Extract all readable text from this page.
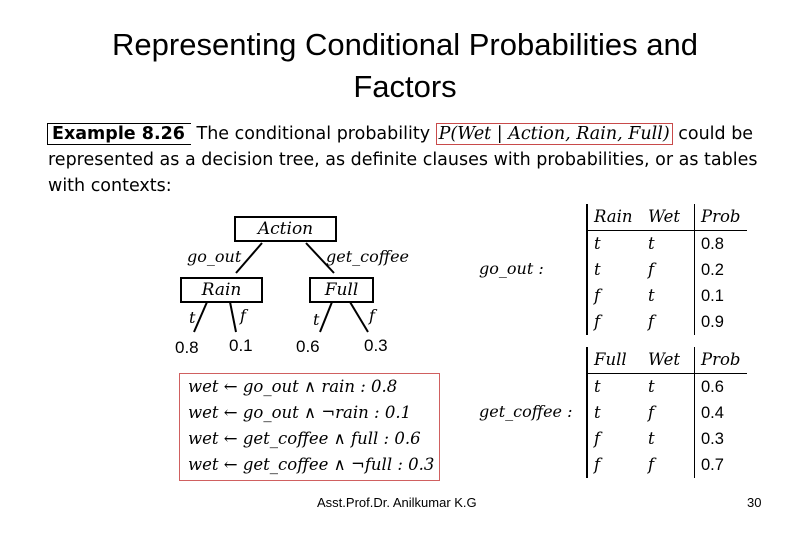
Representing Conditional Probabilities and
Factors
Example 8.26 The conditional probability P(Wet | Action, Rain, Full) could be represented as a decision tree, as definite clauses with probabilities, or as tables with contexts:
Action
Rain	Full
go_out	get_coffee
t	f	t	f
0.8 0.1	0.6	0.3
wet ← go_out ∧ rain : 0.8
wet ← go_out ∧ ¬rain : 0.1
wet ← get_coffee ∧ full : 0.6
wet ← get_coffee ∧ ¬full : 0.3
go_out :
get_coffee :
Rain	Wet	Prob
t	t	0.8
t	f	0.2
f	t	0.1
f	f	0.9
Full	Wet	Prob
t	t	0.6
t	f	0.4
f	t	0.3
f	f	0.7
Asst.Prof.Dr. Anilkumar K.G	30
